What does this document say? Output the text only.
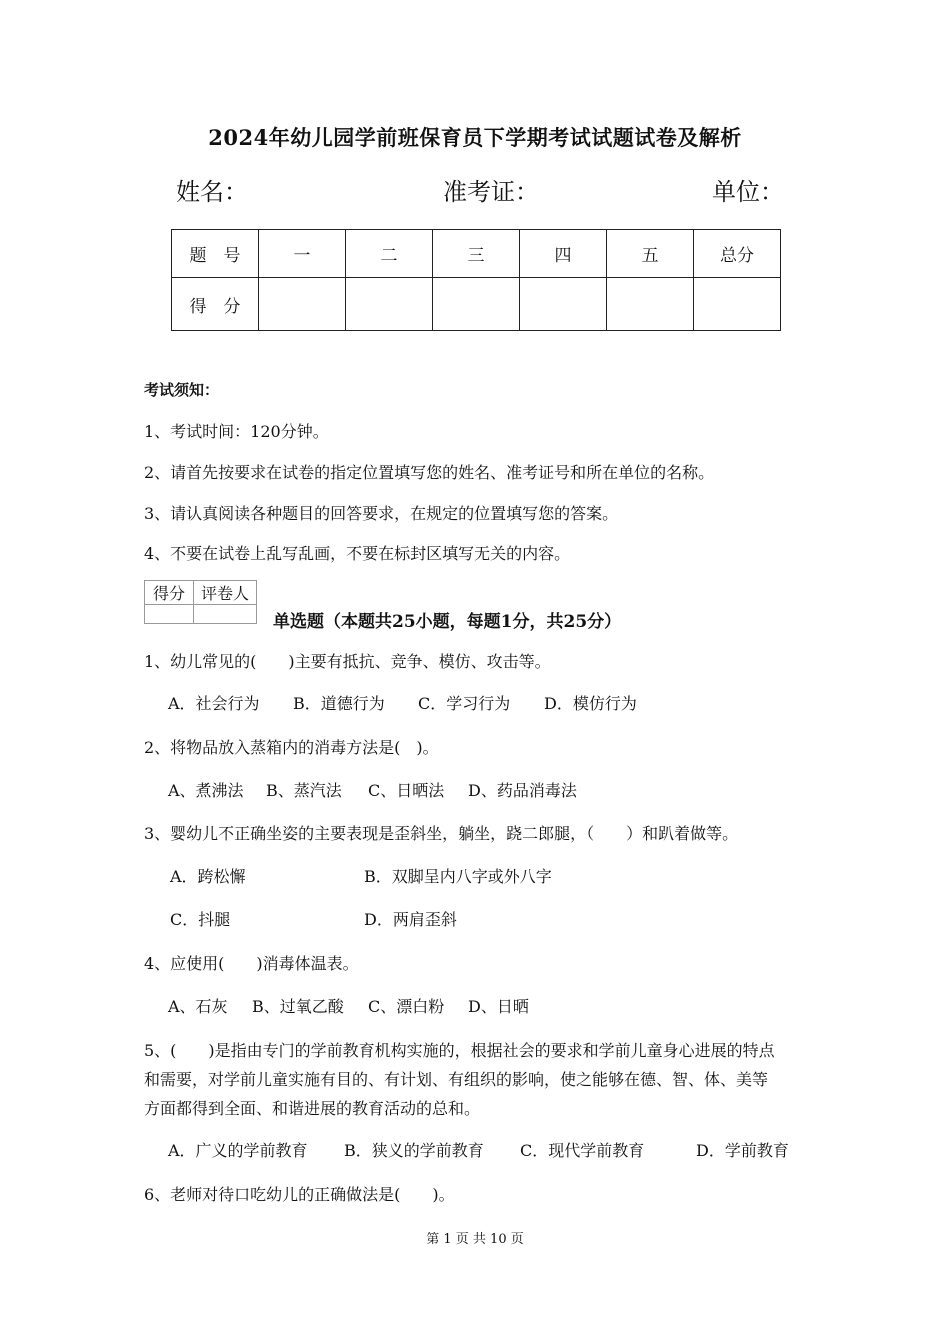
2024年幼儿园学前班保育员下学期考试试题试卷及解析
姓名：	准考证：	单位：
题　号	一	二	三	四	五	总分
得　分						
考试须知：
1、考试时间：120分钟。
2、请首先按要求在试卷的指定位置填写您的姓名、准考证号和所在单位的名称。
3、请认真阅读各种题目的回答要求，在规定的位置填写您的答案。
4、不要在试卷上乱写乱画，不要在标封区填写无关的内容。
得分	评卷人

单选题（本题共25小题，每题1分，共25分）
1、幼儿常见的(　　)主要有抵抗、竞争、模仿、攻击等。
A．社会行为 B．道德行为 C．学习行为 D．模仿行为
2、将物品放入蒸箱内的消毒方法是(　)。
A、煮沸法 B、蒸汽法 C、日晒法 D、药品消毒法
3、婴幼儿不正确坐姿的主要表现是歪斜坐，躺坐，跷二郎腿，（　　）和趴着做等。
A．跨松懈	B．双脚呈内八字或外八字
C．抖腿	D．两肩歪斜
4、应使用(　　)消毒体温表。
A、石灰 B、过氧乙酸 C、漂白粉 D、日晒
5、(　　)是指由专门的学前教育机构实施的，根据社会的要求和学前儿童身心进展的特点
和需要，对学前儿童实施有目的、有计划、有组织的影响，使之能够在德、智、体、美等
方面都得到全面、和谐进展的教育活动的总和。
A．广义的学前教育 B．狭义的学前教育 C．现代学前教育	D．学前教育
6、老师对待口吃幼儿的正确做法是(　　)。
第 1 页 共 10 页
